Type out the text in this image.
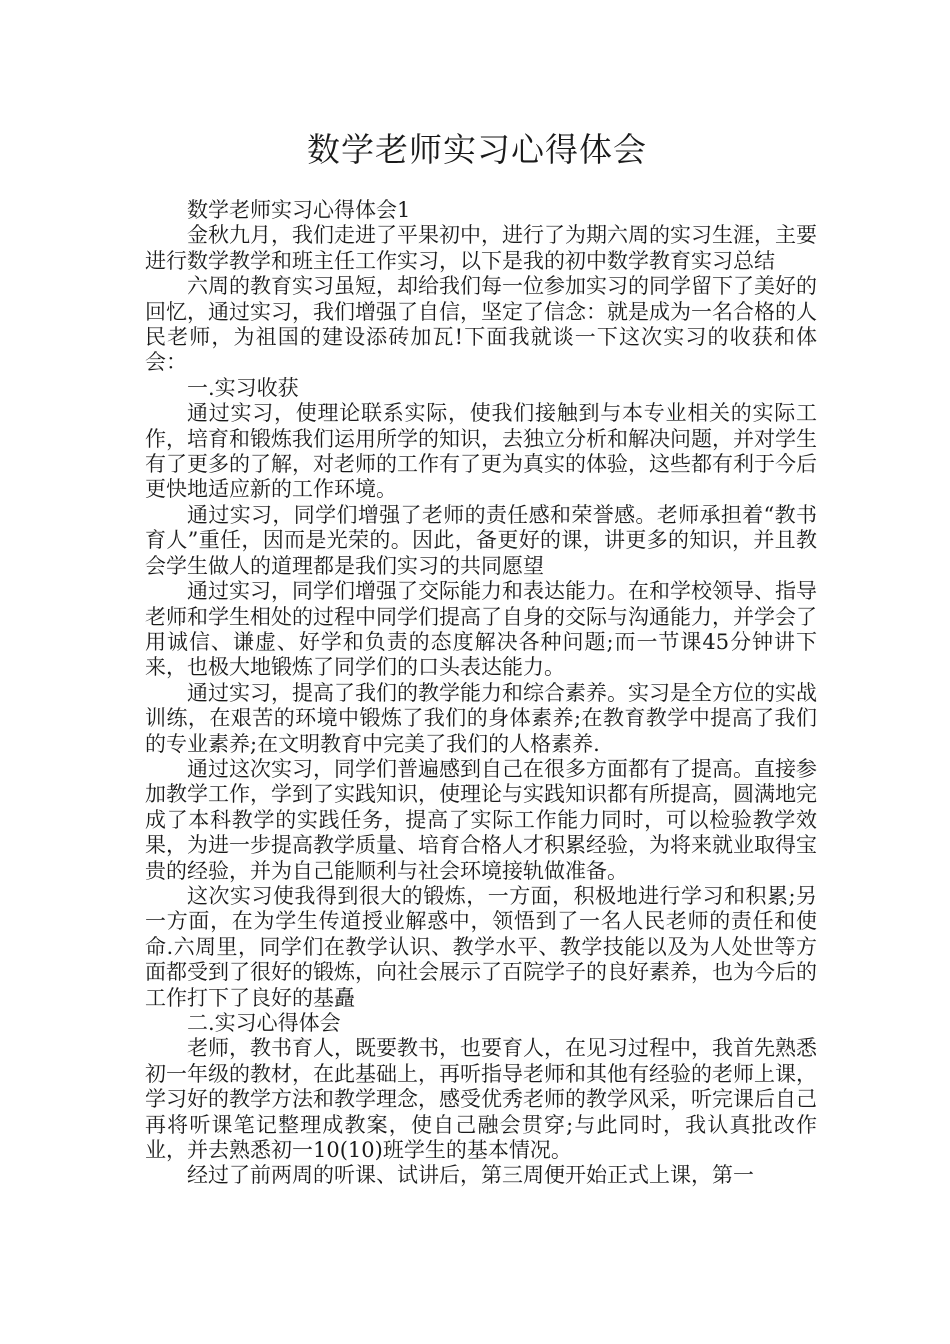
数学老师实习心得体会

数学老师实习心得体会1

金秋九月，我们走进了平果初中，进行了为期六周的实习生涯，主要进行数学教学和班主任工作实习，以下是我的初中数学教育实习总结

六周的教育实习虽短，却给我们每一位参加实习的同学留下了美好的回忆，通过实习，我们增强了自信，坚定了信念：就是成为一名合格的人民老师，为祖国的建设添砖加瓦!下面我就谈一下这次实习的收获和体会：

一.实习收获

通过实习，使理论联系实际，使我们接触到与本专业相关的实际工作，培育和锻炼我们运用所学的知识，去独立分析和解决问题，并对学生有了更多的了解，对老师的工作有了更为真实的体验，这些都有利于今后更快地适应新的工作环境。

通过实习，同学们增强了老师的责任感和荣誉感。老师承担着“教书育人”重任，因而是光荣的。因此，备更好的课，讲更多的知识，并且教会学生做人的道理都是我们实习的共同愿望

通过实习，同学们增强了交际能力和表达能力。在和学校领导、指导老师和学生相处的过程中同学们提高了自身的交际与沟通能力，并学会了用诚信、谦虚、好学和负责的态度解决各种问题;而一节课45分钟讲下来，也极大地锻炼了同学们的口头表达能力。

通过实习，提高了我们的教学能力和综合素养。实习是全方位的实战训练，在艰苦的环境中锻炼了我们的身体素养;在教育教学中提高了我们的专业素养;在文明教育中完美了我们的人格素养.

通过这次实习，同学们普遍感到自己在很多方面都有了提高。直接参加教学工作，学到了实践知识，使理论与实践知识都有所提高，圆满地完成了本科教学的实践任务，提高了实际工作能力同时，可以检验教学效果，为进一步提高教学质量、培育合格人才积累经验，为将来就业取得宝贵的经验，并为自己能顺利与社会环境接轨做准备。

这次实习使我得到很大的锻炼，一方面，积极地进行学习和积累;另一方面，在为学生传道授业解惑中，领悟到了一名人民老师的责任和使命.六周里，同学们在教学认识、教学水平、教学技能以及为人处世等方面都受到了很好的锻炼，向社会展示了百院学子的良好素养，也为今后的工作打下了良好的基矗

二.实习心得体会

老师，教书育人，既要教书，也要育人，在见习过程中，我首先熟悉初一年级的教材，在此基础上，再听指导老师和其他有经验的老师上课，学习好的教学方法和教学理念，感受优秀老师的教学风采，听完课后自己再将听课笔记整理成教案，使自己融会贯穿;与此同时，我认真批改作业，并去熟悉初一10(10)班学生的基本情况。

经过了前两周的听课、试讲后，第三周便开始正式上课，第一
